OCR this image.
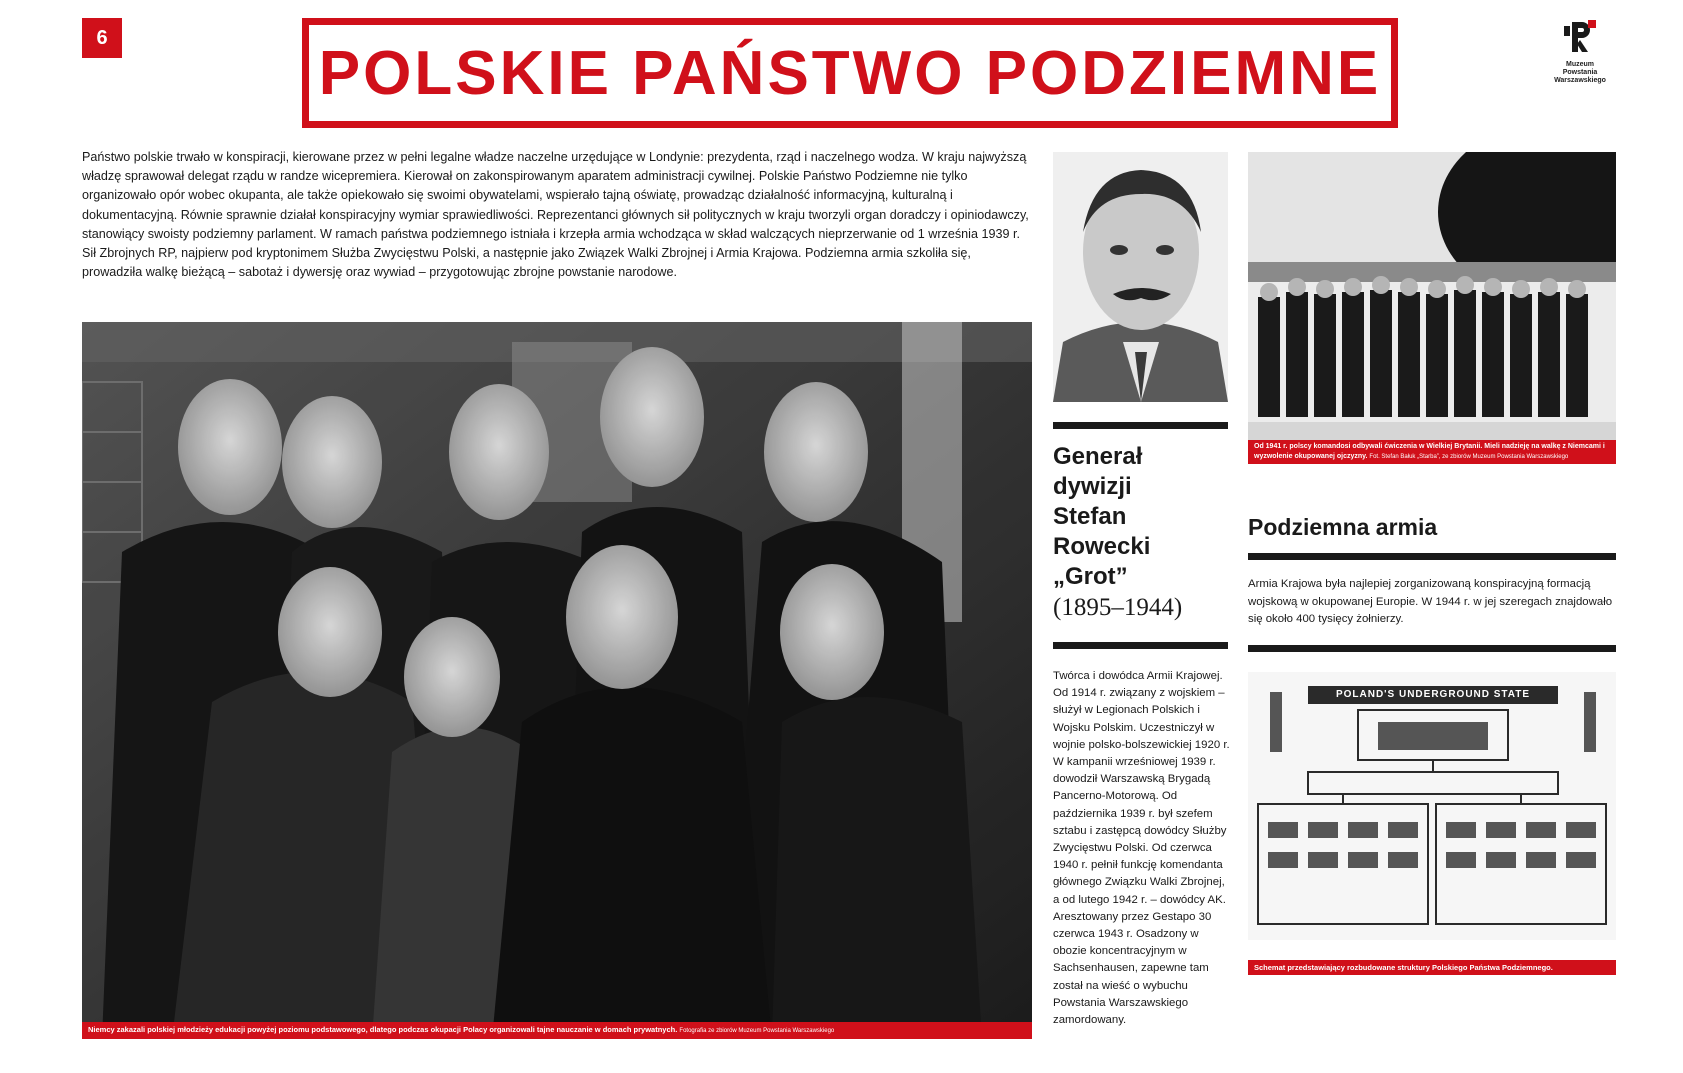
6
POLSKIE PAŃSTWO PODZIEMNE	Muzeum
Powstania
Warszawskiego

Państwo polskie trwało w konspiracji, kierowane przez w pełni legalne władze naczelne urzędujące w Londynie: prezydenta, rząd i naczelnego wodza. W kraju najwyższą władzę sprawował delegat rządu w randze wicepremiera. Kierował on zakonspirowanym aparatem administracji cywilnej. Polskie Państwo Podziemne nie tylko organizowało opór wobec okupanta, ale także opiekowało się swoimi obywatelami, wspierało tajną oświatę, prowadząc działalność informacyjną, kulturalną i dokumentacyjną. Równie sprawnie działał konspiracyjny wymiar sprawiedliwości. Reprezentanci głównych sił politycznych w kraju tworzyli organ doradczy i opiniodawczy, stanowiący swoisty podziemny parlament. W ramach państwa podziemnego istniała i krzepła armia wchodząca w skład walczących nieprzerwanie od 1 września 1939 r. Sił Zbrojnych RP, najpierw pod kryptonimem Służba Zwycięstwu Polski, a następnie jako Związek Walki Zbrojnej i Armia Krajowa. Podziemna armia szkoliła się, prowadziła walkę bieżącą – sabotaż i dywersję oraz wywiad – przygotowując zbrojne powstanie narodowe.

Niemcy zakazali polskiej młodzieży edukacji powyżej poziomu podstawowego, dlatego podczas okupacji Polacy organizowali tajne nauczanie w domach prywatnych. Fotografia ze zbiorów Muzeum Powstania Warszawskiego
Generał
dywizji
Stefan
Rowecki
„Grot”
(1895–1944)

Twórca i dowódca Armii Krajowej. Od 1914 r. związany z wojskiem – służył w Legionach Polskich i Wojsku Polskim. Uczestniczył w wojnie polsko-bolszewickiej 1920 r. W kampanii wrześniowej 1939 r. dowodził Warszawską Brygadą Pancerno-Motorową. Od października 1939 r. był szefem sztabu i zastępcą dowódcy Służby Zwycięstwu Polski. Od czerwca 1940 r. pełnił funkcję komendanta głównego Związku Walki Zbrojnej, a od lutego 1942 r. – dowódcy AK. Aresztowany przez Gestapo 30 czerwca 1943 r. Osadzony w obozie koncentracyjnym w Sachsenhausen, zapewne tam został na wieść o wybuchu Powstania Warszawskiego zamordowany.

Od 1941 r. polscy komandosi odbywali ćwiczenia w Wielkiej Brytanii. Mieli nadzieję na walkę z Niemcami i wyzwolenie okupowanej ojczyzny. Fot. Stefan Bałuk „Starba”, ze zbiorów Muzeum Powstania Warszawskiego
Podziemna armia

Armia Krajowa była najlepiej zorganizowaną konspiracyjną formacją wojskową w okupowanej Europie. W 1944 r. w jej szeregach znajdowało się około 400 tysięcy żołnierzy.

POLAND'S UNDERGROUND STATE
Schemat przedstawiający rozbudowane struktury Polskiego Państwa Podziemnego.
